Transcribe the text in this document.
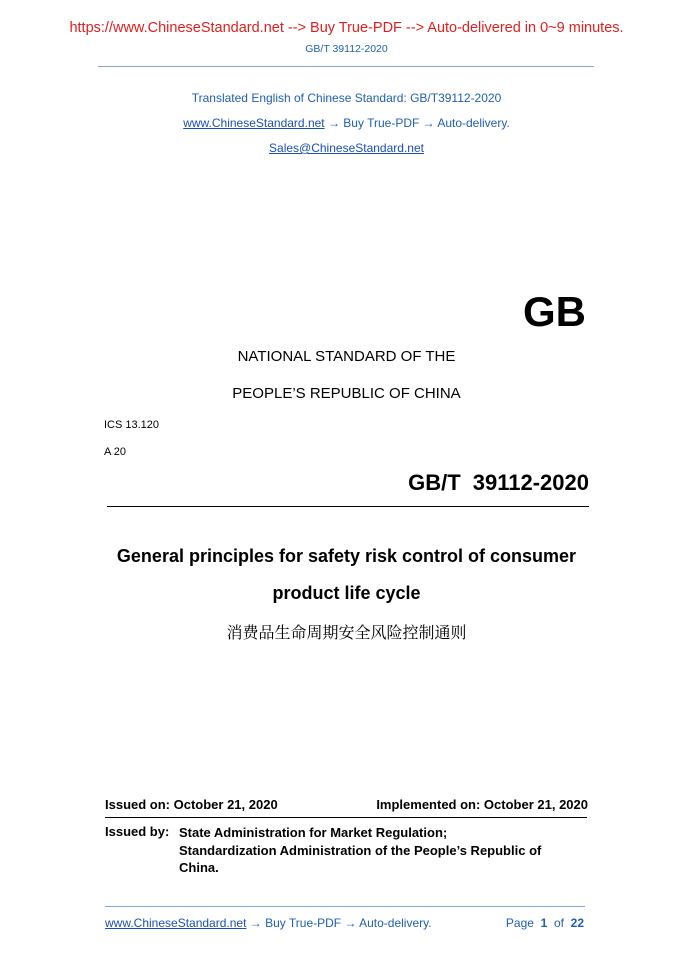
https://www.ChineseStandard.net --> Buy True-PDF --> Auto-delivered in 0~9 minutes.
GB/T 39112-2020
Translated English of Chinese Standard: GB/T39112-2020
www.ChineseStandard.net → Buy True-PDF → Auto-delivery.
Sales@ChineseStandard.net
GB
NATIONAL STANDARD OF THE
PEOPLE’S REPUBLIC OF CHINA
ICS 13.120
A 20
GB/T 39112-2020
General principles for safety risk control of consumer
product life cycle
消费品生命周期安全风险控制通则
Issued on: October 21, 2020	Implemented on: October 21, 2020
Issued by: State Administration for Market Regulation;
Standardization Administration of the People’s Republic of
China.
www.ChineseStandard.net → Buy True-PDF → Auto-delivery.	Page 1 of 22
